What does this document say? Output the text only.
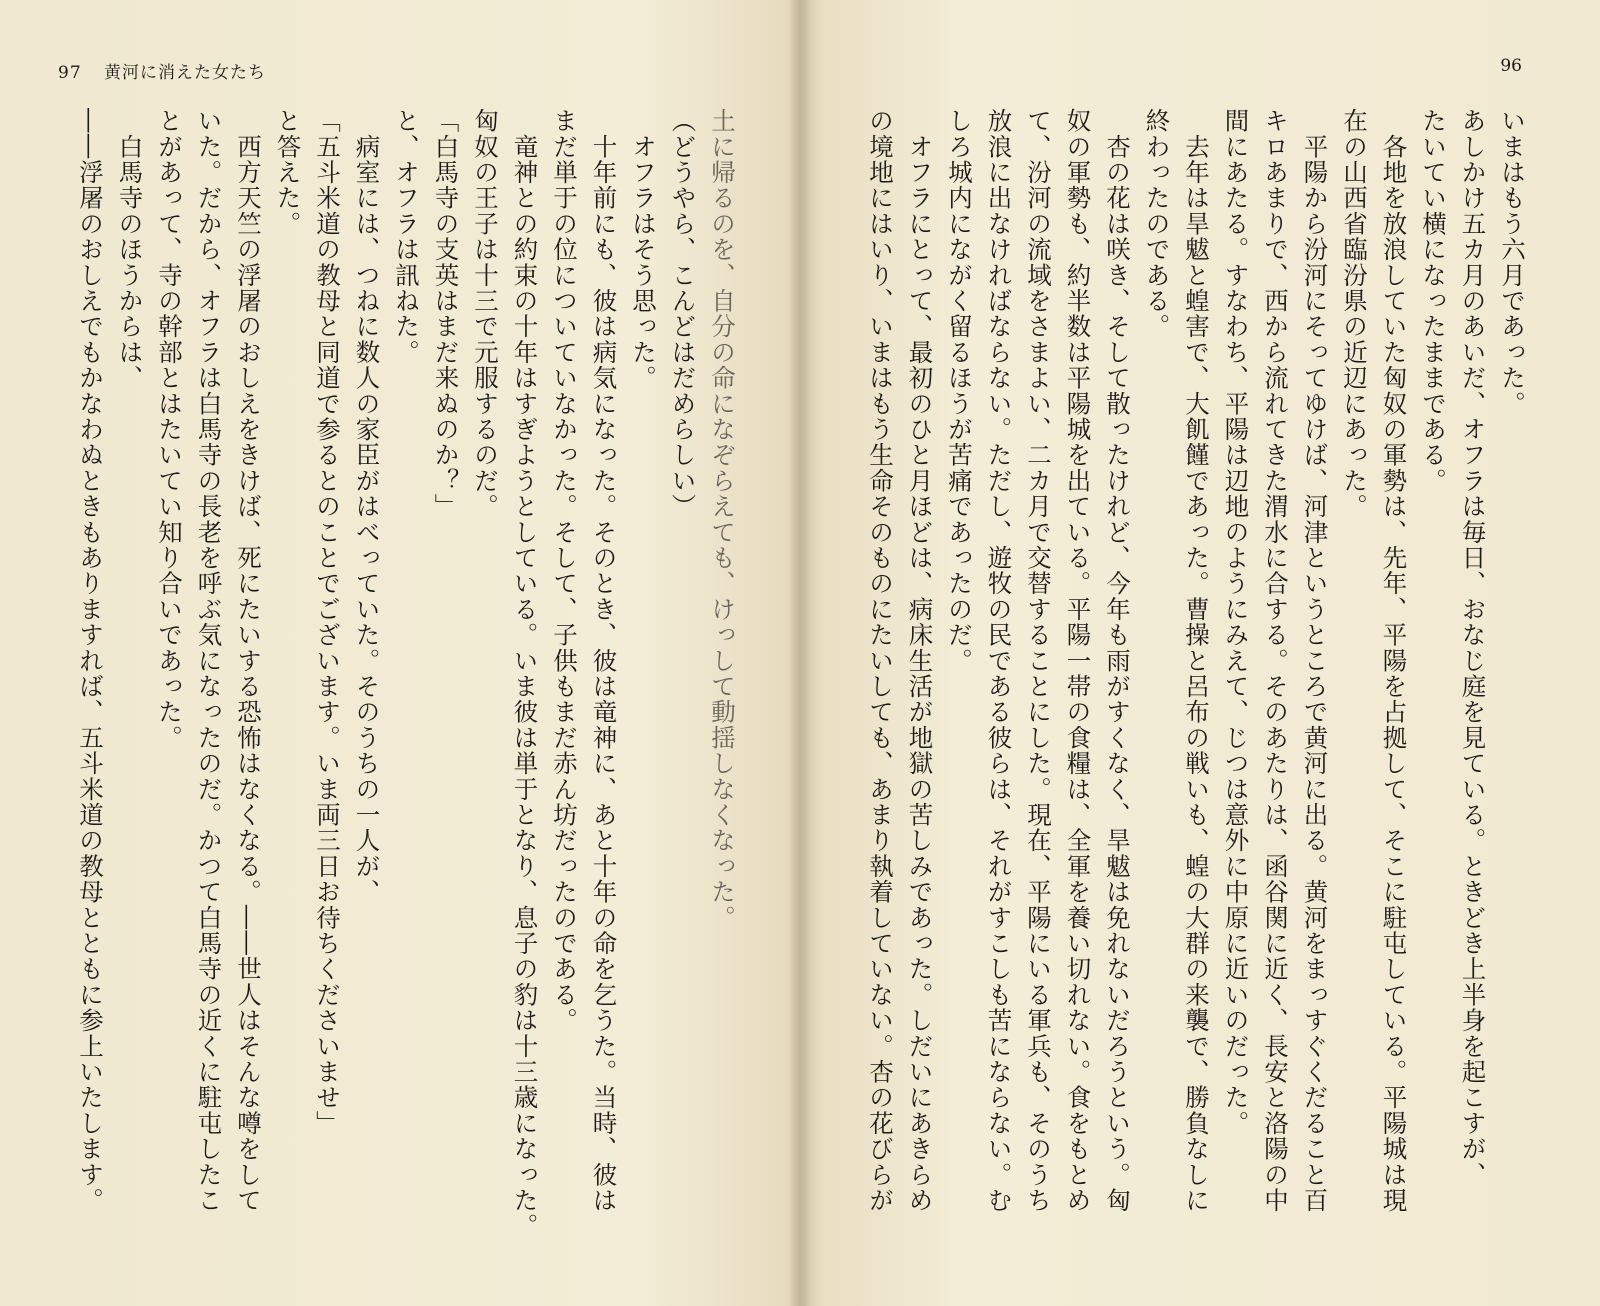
97 黄河に消えた女たち
土に帰るのを、自分の命になぞらえても、けっして動揺しなくなった。
（どうやら、こんどはだめらしい）
　オフラはそう思った。
　十年前にも、彼は病気になった。そのとき、彼は竜神に、あと十年の命を乞うた。当時、彼は
まだ単于の位についていなかった。そして、子供もまだ赤ん坊だったのである。
　竜神との約束の十年はすぎようとしている。いま彼は単于となり、息子の豹は十三歳になった。
匈奴の王子は十三で元服するのだ。
「白馬寺の支英はまだ来ぬのか？」
と、オフラは訊ねた。
　病室には、つねに数人の家臣がはべっていた。そのうちの一人が、
「五斗米道の教母と同道で参るとのことでございます。いま両三日お待ちくださいませ」
と答えた。
　西方天竺の浮屠のおしえをきけば、死にたいする恐怖はなくなる。――世人はそんな噂をして
いた。だから、オフラは白馬寺の長老を呼ぶ気になったのだ。かつて白馬寺の近くに駐屯したこ
とがあって、寺の幹部とはたいてい知り合いであった。
　白馬寺のほうからは、
――浮屠のおしえでもかなわぬときもありますれば、五斗米道の教母とともに参上いたします。
96
いまはもう六月であった。
あしかけ五カ月のあいだ、オフラは毎日、おなじ庭を見ている。ときどき上半身を起こすが、
たいてい横になったままである。
　各地を放浪していた匈奴の軍勢は、先年、平陽を占拠して、そこに駐屯している。平陽城は現
在の山西省臨汾県の近辺にあった。
　平陽から汾河にそってゆけば、河津というところで黄河に出る。黄河をまっすぐくだること百
キロあまりで、西から流れてきた渭水に合する。そのあたりは、函谷関に近く、長安と洛陽の中
間にあたる。すなわち、平陽は辺地のようにみえて、じつは意外に中原に近いのだった。
　去年は旱魃と蝗害で、大飢饉であった。曹操と呂布の戦いも、蝗の大群の来襲で、勝負なしに
終わったのである。
　杏の花は咲き、そして散ったけれど、今年も雨がすくなく、旱魃は免れないだろうという。匈
奴の軍勢も、約半数は平陽城を出ている。平陽一帯の食糧は、全軍を養い切れない。食をもとめ
て、汾河の流域をさまよい、二カ月で交替することにした。現在、平陽にいる軍兵も、そのうち
放浪に出なければならない。ただし、遊牧の民である彼らは、それがすこしも苦にならない。む
しろ城内にながく留るほうが苦痛であったのだ。
　オフラにとって、最初のひと月ほどは、病床生活が地獄の苦しみであった。しだいにあきらめ
の境地にはいり、いまはもう生命そのものにたいしても、あまり執着していない。杏の花びらが
